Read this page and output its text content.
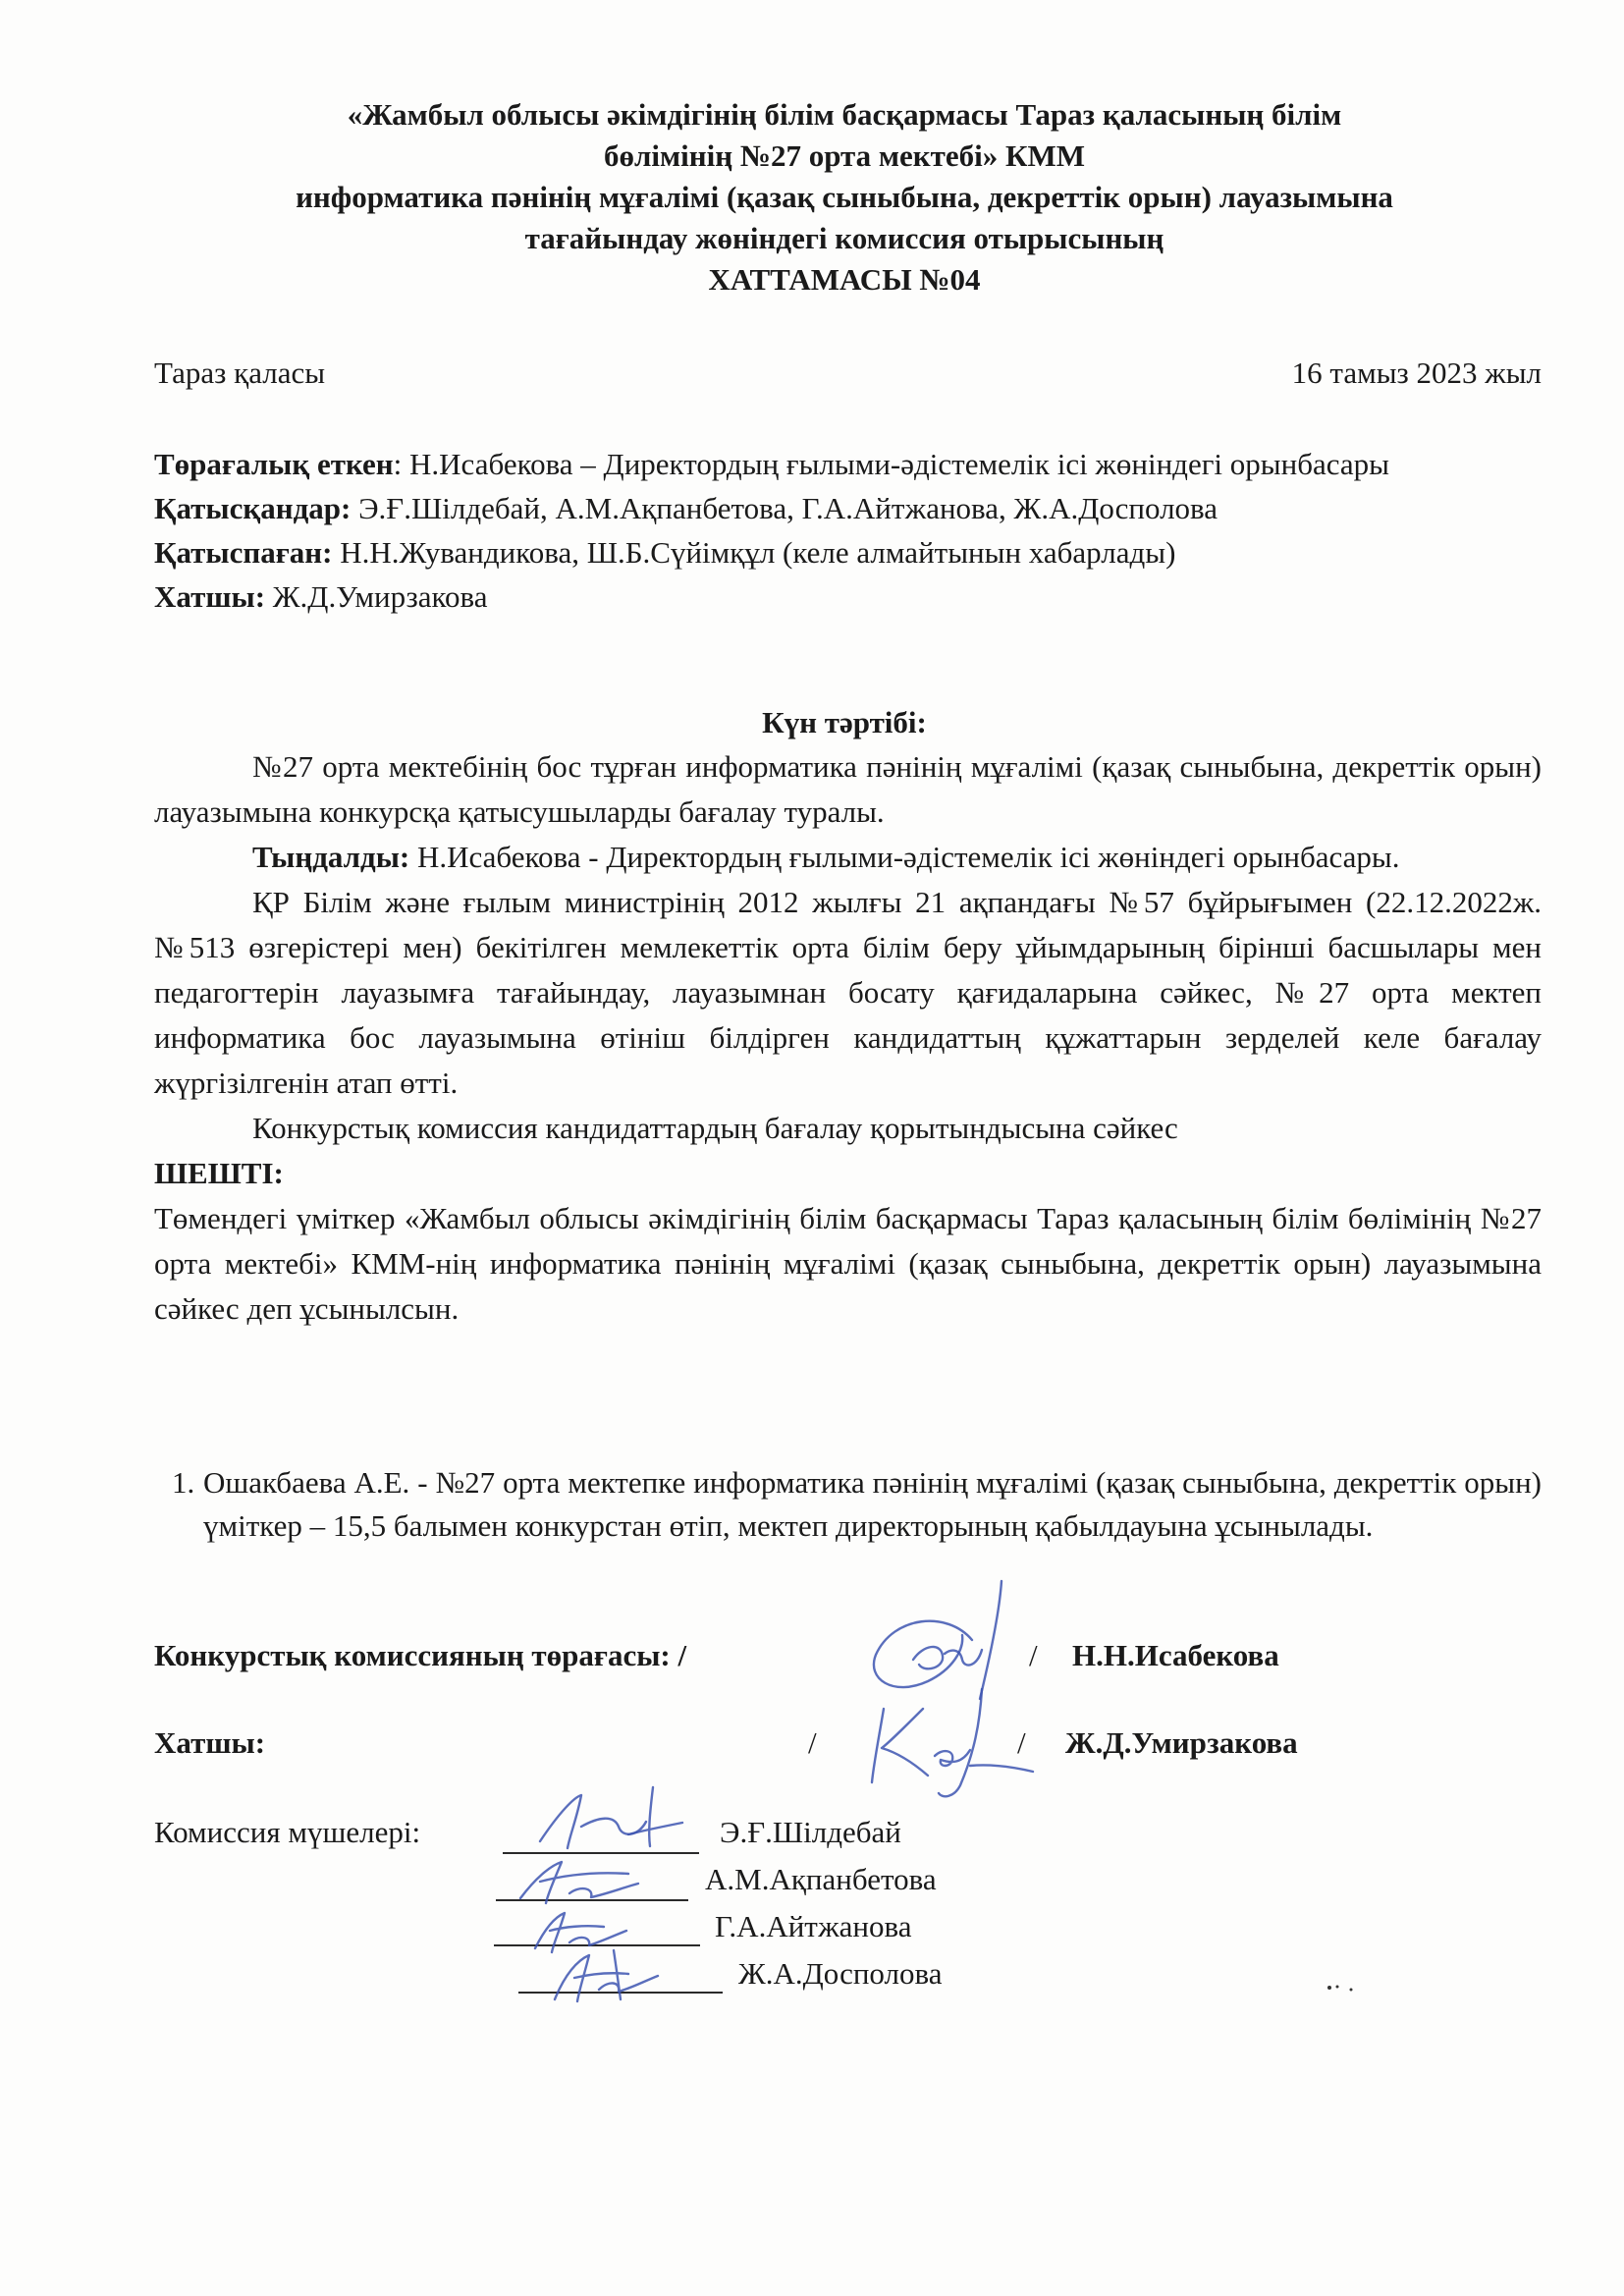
«Жамбыл облысы әкімдігінің білім басқармасы Тараз қаласының білім
бөлімінің №27 орта мектебі» КММ
информатика пәнінің мұғалімі (қазақ сыныбына, декреттік орын) лауазымына
тағайындау жөніндегі комиссия отырысының
ХАТТАМАСЫ №04
Тараз қаласы	16 тамыз 2023 жыл

Төрағалық еткен: Н.Исабекова – Директордың ғылыми-әдістемелік ісі жөніндегі орынбасары

Қатысқандар: Э.Ғ.Шілдебай, А.М.Ақпанбетова, Г.А.Айтжанова, Ж.А.Досполова

Қатыспаған: Н.Н.Жувандикова, Ш.Б.Сүйімқұл (келе алмайтынын хабарлады)

Хатшы: Ж.Д.Умирзакова

Күн тәртібі:

№27 орта мектебінің бос тұрған информатика пәнінің мұғалімі (қазақ сыныбына, декреттік орын) лауазымына конкурсқа қатысушыларды бағалау туралы.

Тыңдалды: Н.Исабекова - Директордың ғылыми-әдістемелік ісі жөніндегі орынбасары.

ҚР Білім және ғылым министрінің 2012 жылғы 21 ақпандағы №57 бұйрығымен (22.12.2022ж. №513 өзгерістері мен) бекітілген мемлекеттік орта білім беру ұйымдарының бірінші басшылары мен педагогтерін лауазымға тағайындау, лауазымнан босату қағидаларына сәйкес, №27 орта мектеп информатика бос лауазымына өтініш білдірген кандидаттың құжаттарын зерделей келе бағалау жүргізілгенін атап өтті.

Конкурстық комиссия кандидаттардың бағалау қорытындысына сәйкес

ШЕШТІ:

Төмендегі үміткер «Жамбыл облысы әкімдігінің білім басқармасы Тараз қаласының білім бөлімінің №27 орта мектебі» КММ-нің информатика пәнінің мұғалімі (қазақ сыныбына, декреттік орын) лауазымына сәйкес деп ұсынылсын.

1. Ошакбаева А.Е. - №27 орта мектепке информатика пәнінің мұғалімі (қазақ сыныбына, декреттік орын) үміткер – 15,5 балымен конкурстан өтіп, мектеп директорының қабылдауына ұсынылады.
Конкурстық комиссияның төрағасы: /	/ Н.Н.Исабекова
Хатшы:	/	/ Ж.Д.Умирзакова
Комиссия мүшелері:	Э.Ғ.Шілдебай
А.М.Ақпанбетова
Г.А.Айтжанова
Ж.А.Досполова
